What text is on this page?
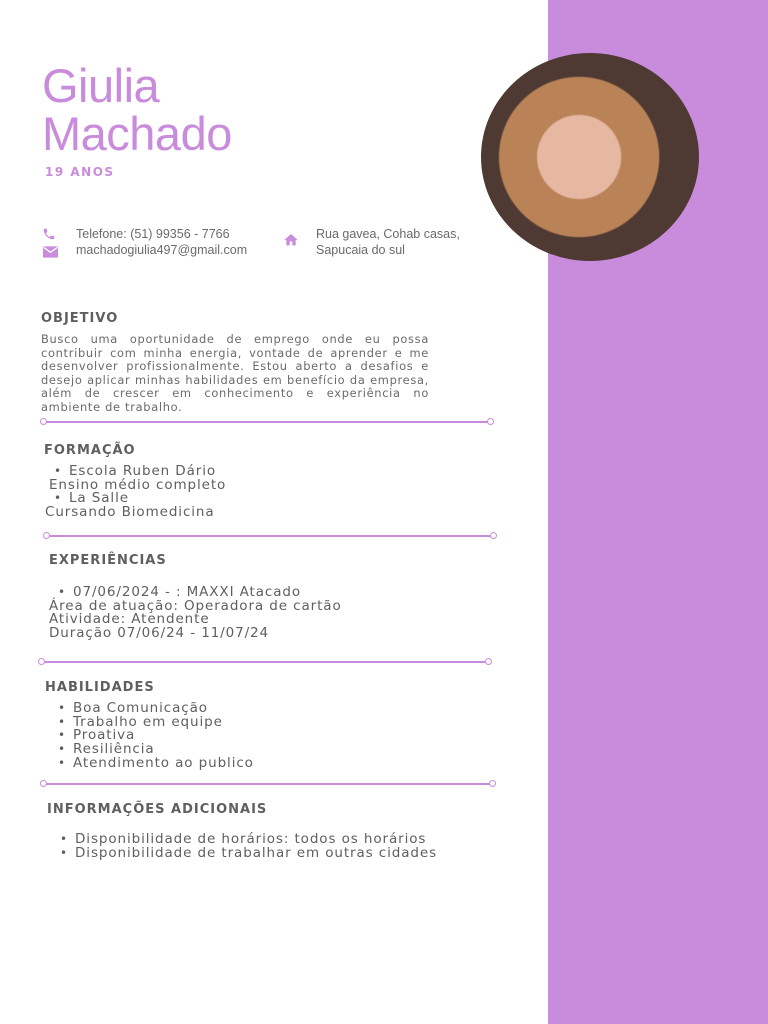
Giulia
Machado
19 ANOS
Telefone: (51) 99356 - 7766
machadogiulia497@gmail.com
Rua gavea, Cohab casas,
Sapucaia do sul
OBJETIVO

Busco uma oportunidade de emprego onde eu possa contribuir com minha energia, vontade de aprender e me desenvolver profissionalmente. Estou aberto a desafios e desejo aplicar minhas habilidades em benefício da empresa, além de crescer em conhecimento e experiência no ambiente de trabalho.

FORMAÇÃO
• Escola Ruben Dário
Ensino médio completo
• La Salle
Cursando Biomedicina
EXPERIÊNCIAS
• 07/06/2024 - : MAXXI Atacado
Área de atuação: Operadora de cartão
Atividade: Atendente
Duração 07/06/24 - 11/07/24
HABILIDADES
• Boa Comunicação
• Trabalho em equipe
• Proativa
• Resiliência
• Atendimento ao publico
INFORMAÇÕES ADICIONAIS
• Disponibilidade de horários: todos os horários
• Disponibilidade de trabalhar em outras cidades
